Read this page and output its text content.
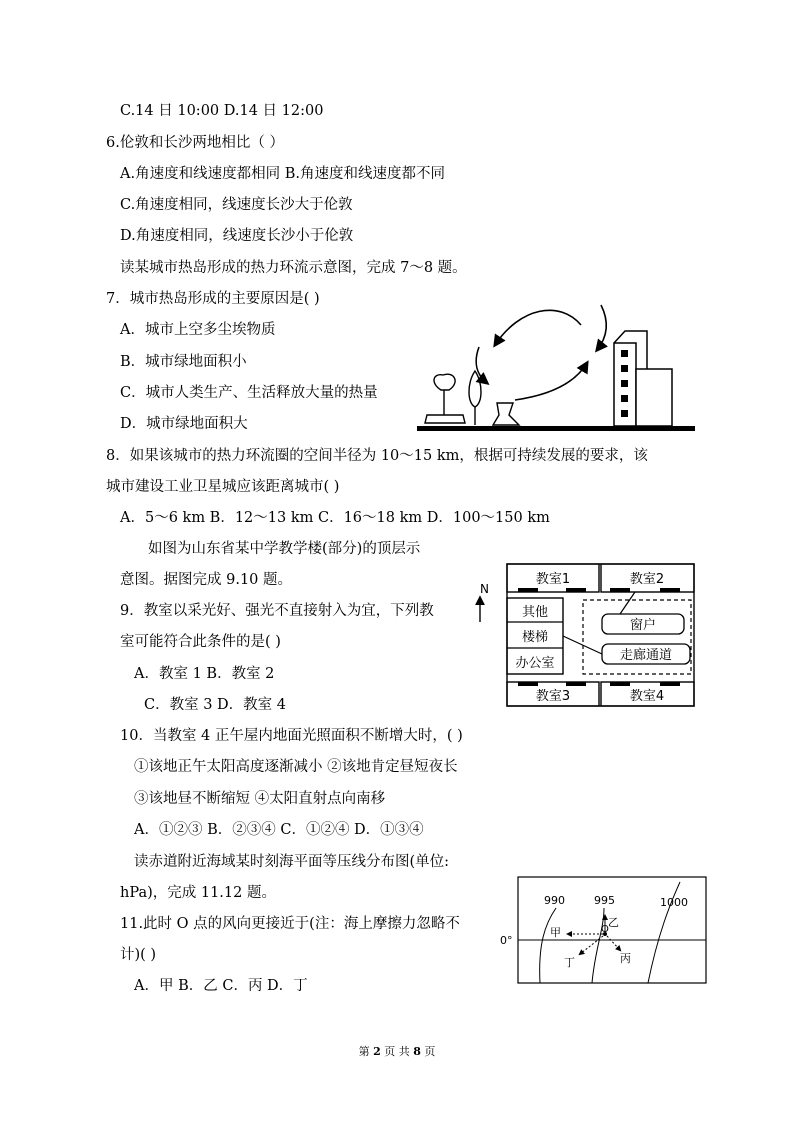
C.14 日 10:00 D.14 日 12:00
6.伦敦和长沙两地相比（ ）
A.角速度和线速度都相同 B.角速度和线速度都不同
C.角速度相同，线速度长沙大于伦敦
D.角速度相同，线速度长沙小于伦敦
读某城市热岛形成的热力环流示意图，完成 7～8 题。
7．城市热岛形成的主要原因是( )
A．城市上空多尘埃物质
B．城市绿地面积小
C．城市人类生产、生活释放大量的热量
D．城市绿地面积大
8．如果该城市的热力环流圈的空间半径为 10～15 km，根据可持续发展的要求，该
城市建设工业卫星城应该距离城市( )
A．5～6 km B．12～13 km C．16～18 km D．100～150 km
如图为山东省某中学教学楼(部分)的顶层示
意图。据图完成 9.10 题。
9．教室以采光好、强光不直接射入为宜，下列教
室可能符合此条件的是( )
A．教室 1 B．教室 2
C．教室 3 D．教室 4
10．当教室 4 正午屋内地面光照面积不断增大时，( )
①该地正午太阳高度逐渐减小 ②该地肯定昼短夜长
③该地昼不断缩短 ④太阳直射点向南移
A．①②③ B．②③④ C．①②④ D．①③④
读赤道附近海域某时刻海平面等压线分布图(单位:
hPa)，完成 11.12 题。
11.此时 O 点的风向更接近于(注：海上摩擦力忽略不
计)( )
A．甲 B．乙 C．丙 D．丁
N
教室1	教室2
教室3	教室4
其他
楼梯
办公室
窗户
走廊通道
990	995	1000
0°
O
甲
乙
丙
丁
第 2 页 共 8 页
